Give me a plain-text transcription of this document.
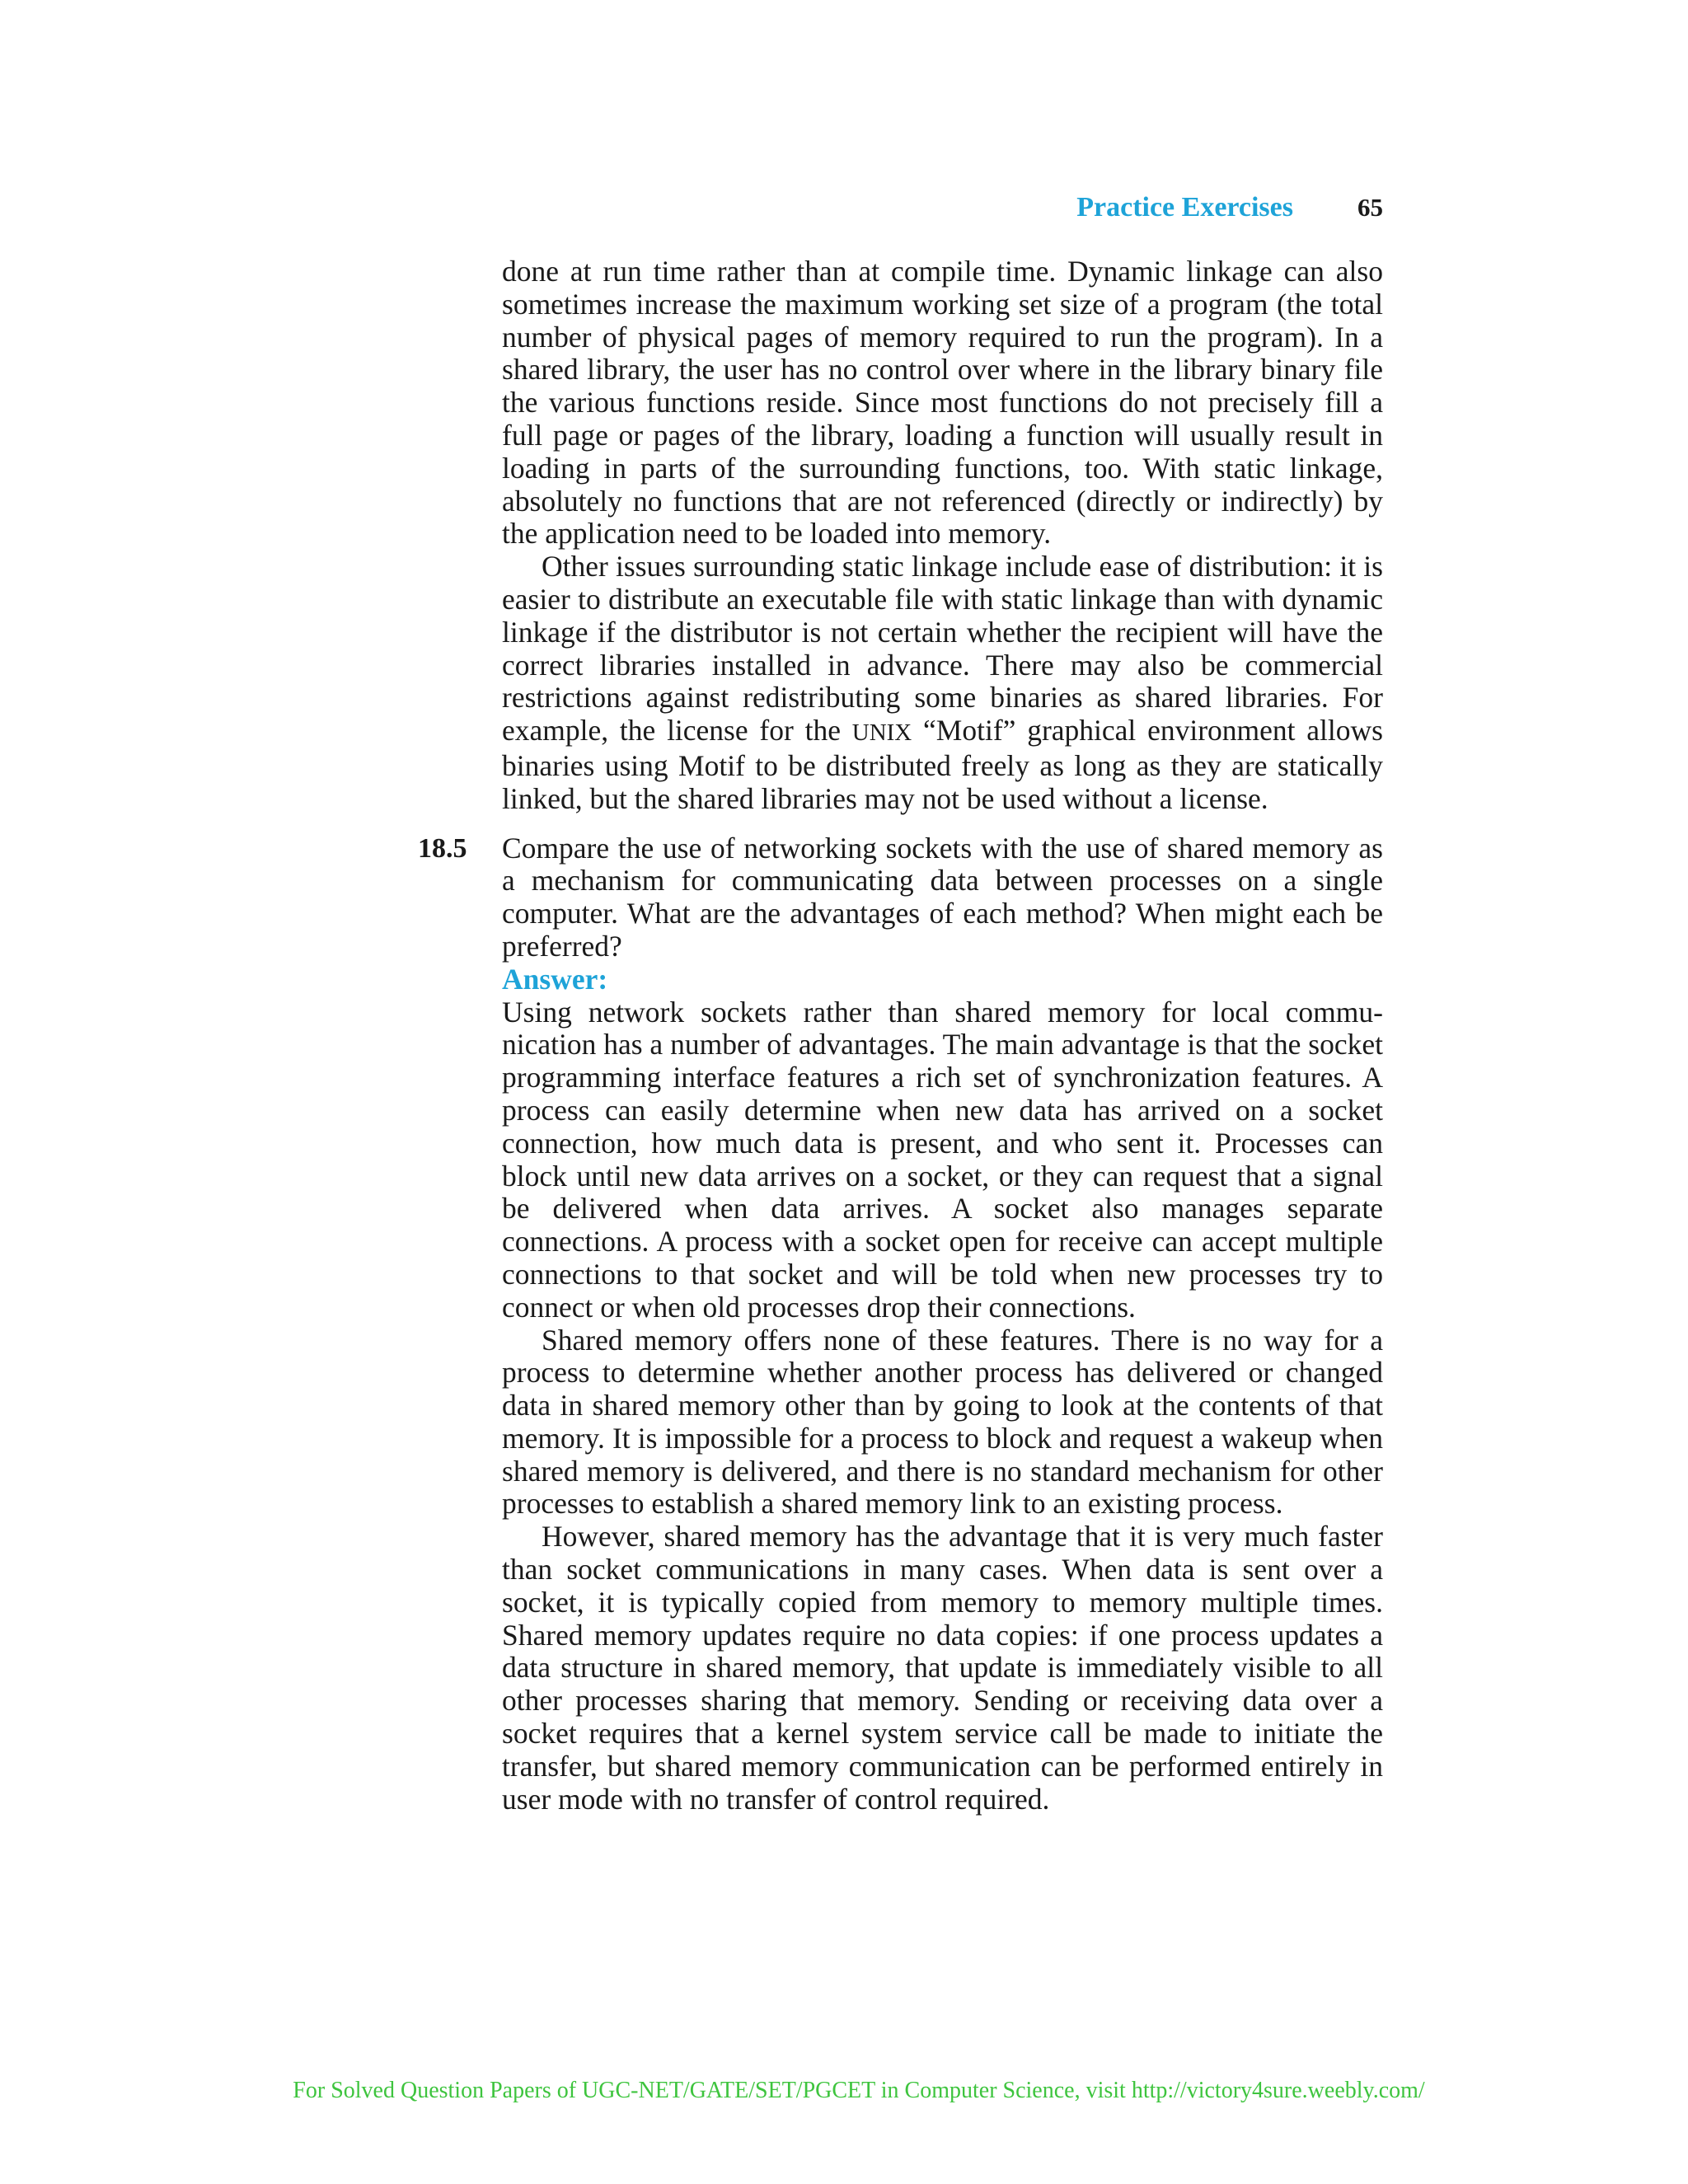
Practice Exercises	65

done at run time rather than at compile time. Dynamic linkage can also sometimes increase the maximum working set size of a program (the total number of physical pages of memory required to run the program). In a shared library, the user has no control over where in the library binary file the various functions reside. Since most functions do not precisely fill a full page or pages of the library, loading a function will usually result in loading in parts of the surrounding functions, too. With static linkage, absolutely no functions that are not referenced (directly or indirectly) by the application need to be loaded into memory.

Other issues surrounding static linkage include ease of distribution: it is easier to distribute an executable file with static linkage than with dynamic linkage if the distributor is not certain whether the recipient will have the correct libraries installed in advance. There may also be commercial restrictions against redistributing some binaries as shared libraries. For example, the license for the UNIX “Motif” graphical environment allows binaries using Motif to be distributed freely as long as they are statically linked, but the shared libraries may not be used without a license.

18.5 Compare the use of networking sockets with the use of shared memory as a mechanism for communicating data between processes on a single computer. What are the advantages of each method? When might each be preferred?

Answer:

Using network sockets rather than shared memory for local communication has a number of advantages. The main advantage is that the socket programming interface features a rich set of synchronization features. A process can easily determine when new data has arrived on a socket connection, how much data is present, and who sent it. Processes can block until new data arrives on a socket, or they can request that a signal be delivered when data arrives. A socket also manages separate connections. A process with a socket open for receive can accept multiple connections to that socket and will be told when new processes try to connect or when old processes drop their connections.

Shared memory offers none of these features. There is no way for a process to determine whether another process has delivered or changed data in shared memory other than by going to look at the contents of that memory. It is impossible for a process to block and request a wakeup when shared memory is delivered, and there is no standard mechanism for other processes to establish a shared memory link to an existing process.

However, shared memory has the advantage that it is very much faster than socket communications in many cases. When data is sent over a socket, it is typically copied from memory to memory multiple times. Shared memory updates require no data copies: if one process updates a data structure in shared memory, that update is immediately visible to all other processes sharing that memory. Sending or receiving data over a socket requires that a kernel system service call be made to initiate the transfer, but shared memory communication can be performed entirely in user mode with no transfer of control required.

For Solved Question Papers of UGC-NET/GATE/SET/PGCET in Computer Science, visit http://victory4sure.weebly.com/
